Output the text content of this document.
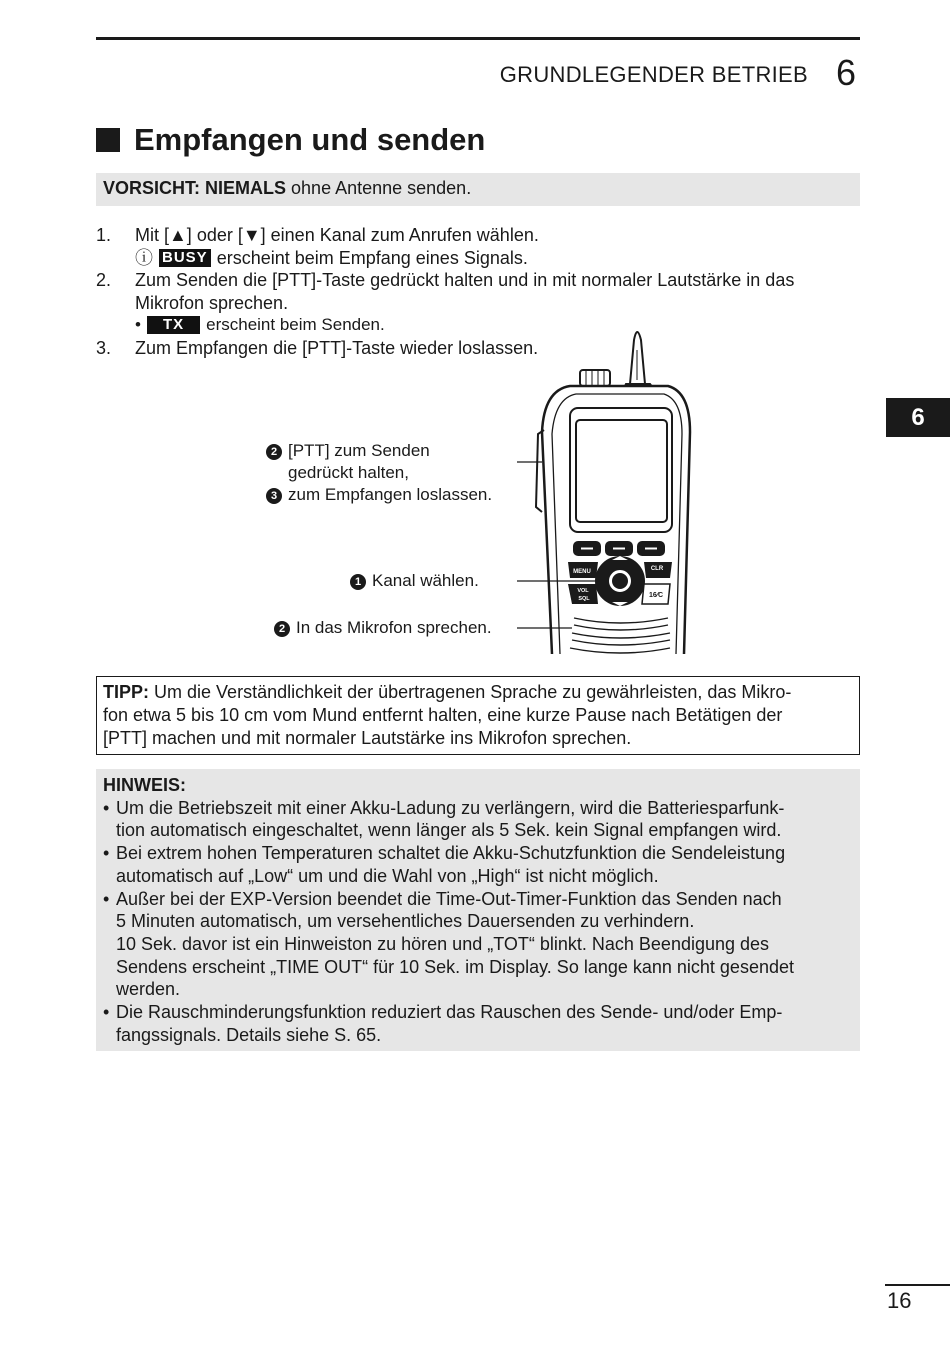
GRUNDLEGENDER BETRIEB 6
Empfangen und senden
VORSICHT: NIEMALS ohne Antenne senden.
1.	Mit [▲] oder [▼] einen Kanal zum Anrufen wählen.
ⓘ BUSY erscheint beim Empfang eines Signals.
2.	Zum Senden die [PTT]-Taste gedrückt halten und in mit normaler Lautstärke in das
Mikrofon sprechen.
•	TX	erscheint beim Senden.
3.	Zum Empfangen die [PTT]-Taste wieder loslassen.
MENU	CLR
VOL
SQL	16⁄C
2 [PTT] zum Senden
gedrückt halten,
3 zum Empfangen loslassen.
1 Kanal wählen.
2 In das Mikrofon sprechen.
TIPP: Um die Verständlichkeit der übertragenen Sprache zu gewährleisten, das Mikro-
fon etwa 5 bis 10 cm vom Mund entfernt halten, eine kurze Pause nach Betätigen der
[PTT] machen und mit normaler Lautstärke ins Mikrofon sprechen.
HINWEIS:
• Um die Betriebszeit mit einer Akku-Ladung zu verlängern, wird die Batteriesparfunk-
tion automatisch eingeschaltet, wenn länger als 5 Sek. kein Signal empfangen wird.
• Bei extrem hohen Temperaturen schaltet die Akku-Schutzfunktion die Sendeleistung
automatisch auf „Low“ um und die Wahl von „High“ ist nicht möglich.
• Außer bei der EXP-Version beendet die Time-Out-Timer-Funktion das Senden nach
5 Minuten automatisch, um versehentliches Dauersenden zu verhindern.
10 Sek. davor ist ein Hinweiston zu hören und „TOT“ blinkt. Nach Beendigung des
Sendens erscheint „TIME OUT“ für 10 Sek. im Display. So lange kann nicht gesendet
werden.
• Die Rauschminderungsfunktion reduziert das Rauschen des Sende- und/oder Emp-
fangssignals. Details siehe S. 65.
6
16
